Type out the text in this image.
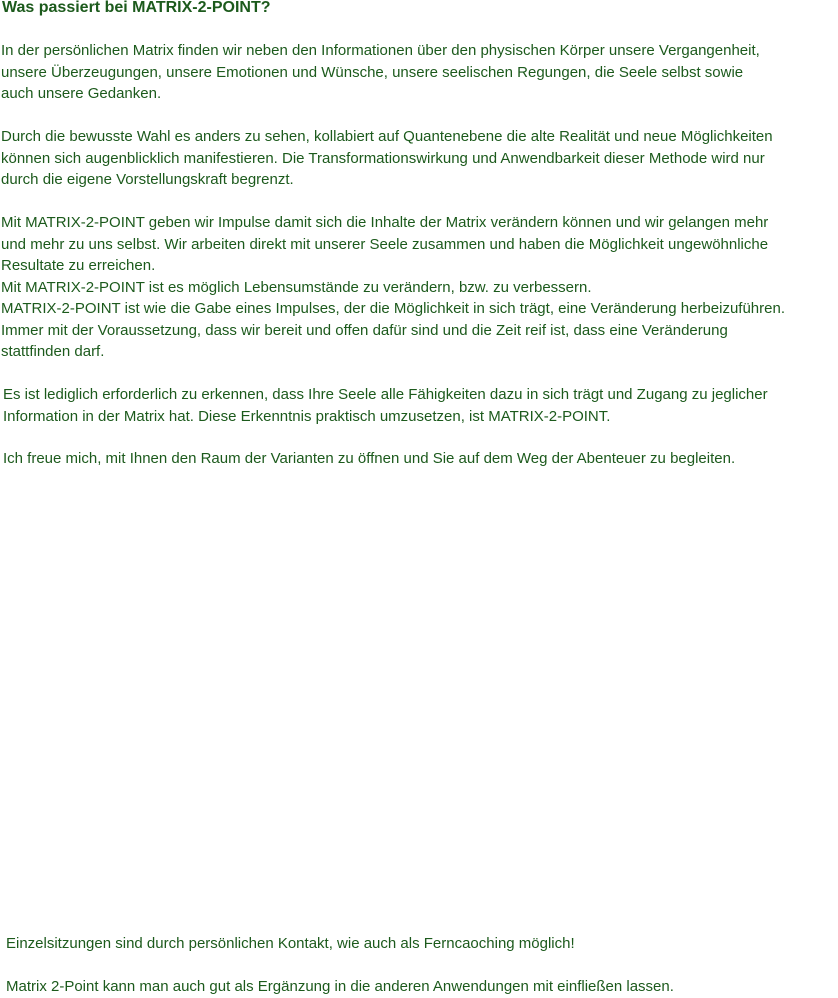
Was passiert bei MATRIX-2-POINT?
In der persönlichen Matrix finden wir neben den Informationen über den physischen Körper unsere Vergangenheit,
unsere Überzeugungen, unsere Emotionen und Wünsche, unsere seelischen Regungen, die Seele selbst sowie
auch unsere Gedanken.
Durch die bewusste Wahl es anders zu sehen, kollabiert auf Quantenebene die alte Realität und neue Möglichkeiten
können sich augenblicklich manifestieren. Die Transformationswirkung und Anwendbarkeit dieser Methode wird nur
durch die eigene Vorstellungskraft begrenzt.
Mit MATRIX-2-POINT geben wir Impulse damit sich die Inhalte der Matrix verändern können und wir gelangen mehr
und mehr zu uns selbst. Wir arbeiten direkt mit unserer Seele zusammen und haben die Möglichkeit ungewöhnliche
Resultate zu erreichen.
Mit MATRIX-2-POINT ist es möglich Lebensumstände zu verändern, bzw. zu verbessern.
MATRIX-2-POINT ist wie die Gabe eines Impulses, der die Möglichkeit in sich trägt, eine Veränderung herbeizuführen.
Immer mit der Voraussetzung, dass wir bereit und offen dafür sind und die Zeit reif ist, dass eine Veränderung
stattfinden darf.
Es ist lediglich erforderlich zu erkennen, dass Ihre Seele alle Fähigkeiten dazu in sich trägt und Zugang zu jeglicher
Information in der Matrix hat. Diese Erkenntnis praktisch umzusetzen, ist MATRIX-2-POINT.
Ich freue mich, mit Ihnen den Raum der Varianten zu öffnen und Sie auf dem Weg der Abenteuer zu begleiten.
Einzelsitzungen sind durch persönlichen Kontakt, wie auch als Ferncaoching möglich!
Matrix 2-Point kann man auch gut als Ergänzung in die anderen Anwendungen mit einfließen lassen.
